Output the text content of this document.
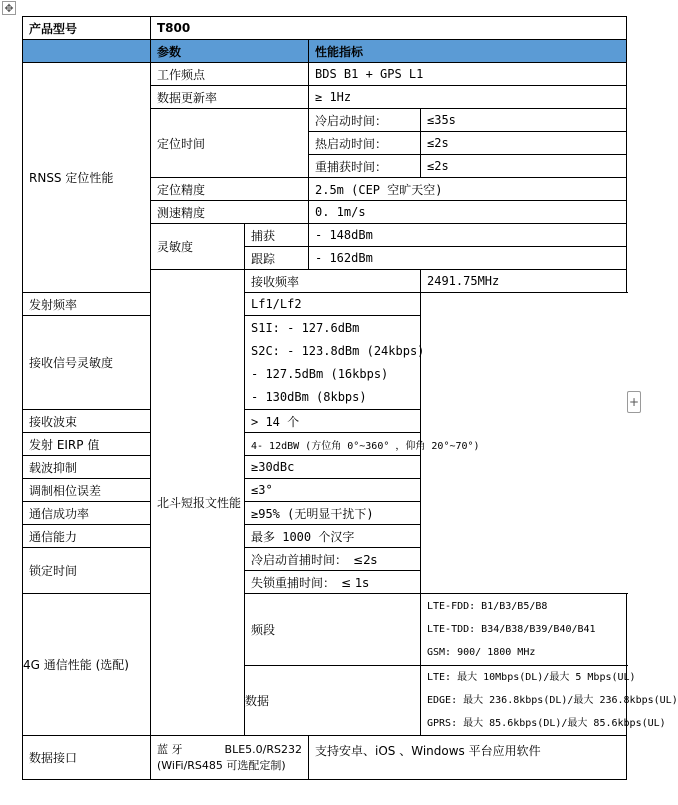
✥
产品型号	T800			
	参数		性能指标	
RNSS 定位性能	工作频点		BDS B1 + GPS L1	
	数据更新率		≥ 1Hz	
	定位时间		冷启动时间：	≤35s
			热启动时间：	≤2s
			重捕获时间：	≤2s
	定位精度		2.5m (CEP 空旷天空)	
	测速精度		0. 1m/s	
	灵敏度	捕获	- 148dBm	
		跟踪	- 162dBm	
	北斗短报文性能	接收频率		2491.75MHz
发射频率		Lf1/Lf2		
接收信号灵敏度		S1I: - 127.6dBm
S2C: - 123.8dBm (24kbps)
- 127.5dBm (16kbps)
- 130dBm (8kbps)		

接收波束		> 14 个		
发射 EIRP 值		4- 12dBW (方位角 0°~360° ，仰角 20°~70°)		
载波抑制		≥30dBc		
调制相位误差		≤3°		
通信成功率		≥95% (无明显干扰下)		
通信能力		最多 1000 个汉字		
锁定时间		冷启动首捕时间： ≤2s		
		失锁重捕时间： ≤ 1s		
4G 通信性能 (选配)		频段		LTE-FDD: B1/B3/B5/B8
LTE-TDD: B34/B38/B39/B40/B41
GSM: 900/ 1800 MHz

		数据		LTE: 最大 10Mbps(DL)/最大 5 Mbps(UL)
EDGE: 最大 236.8kbps(DL)/最大 236.8kbps(UL)
GPRS: 最大 85.6kbps(DL)/最大 85.6kbps(UL)

数据接口	蓝 牙 BLE5.0/RS232
(WiFi/RS485 可选配定制)		支持安卓、iOS 、Windows 平台应用软件	
+
